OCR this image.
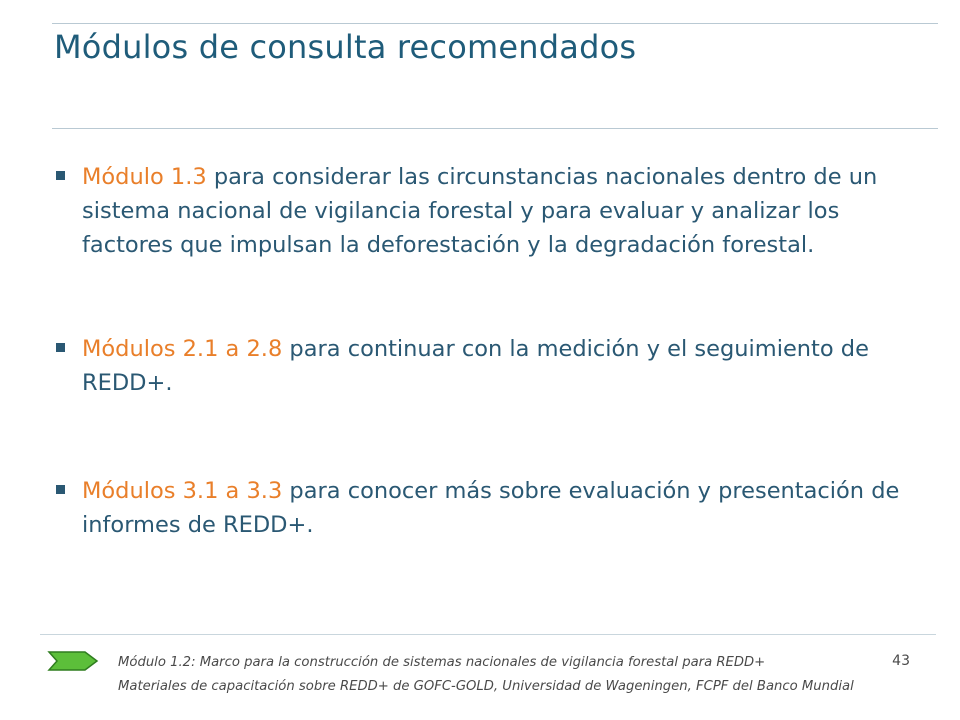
Módulos de consulta recomendados
Módulo 1.3 para considerar las circunstancias nacionales dentro de un sistema nacional de vigilancia forestal y para evaluar y analizar los factores que impulsan la deforestación y la degradación forestal.
Módulos 2.1 a 2.8 para continuar con la medición y el seguimiento de REDD+.
Módulos 3.1 a 3.3 para conocer más sobre evaluación y presentación de informes de REDD+.
Módulo 1.2: Marco para la construcción de sistemas nacionales de vigilancia forestal para REDD+	43
Materiales de capacitación sobre REDD+ de GOFC-GOLD, Universidad de Wageningen, FCPF del Banco Mundial
